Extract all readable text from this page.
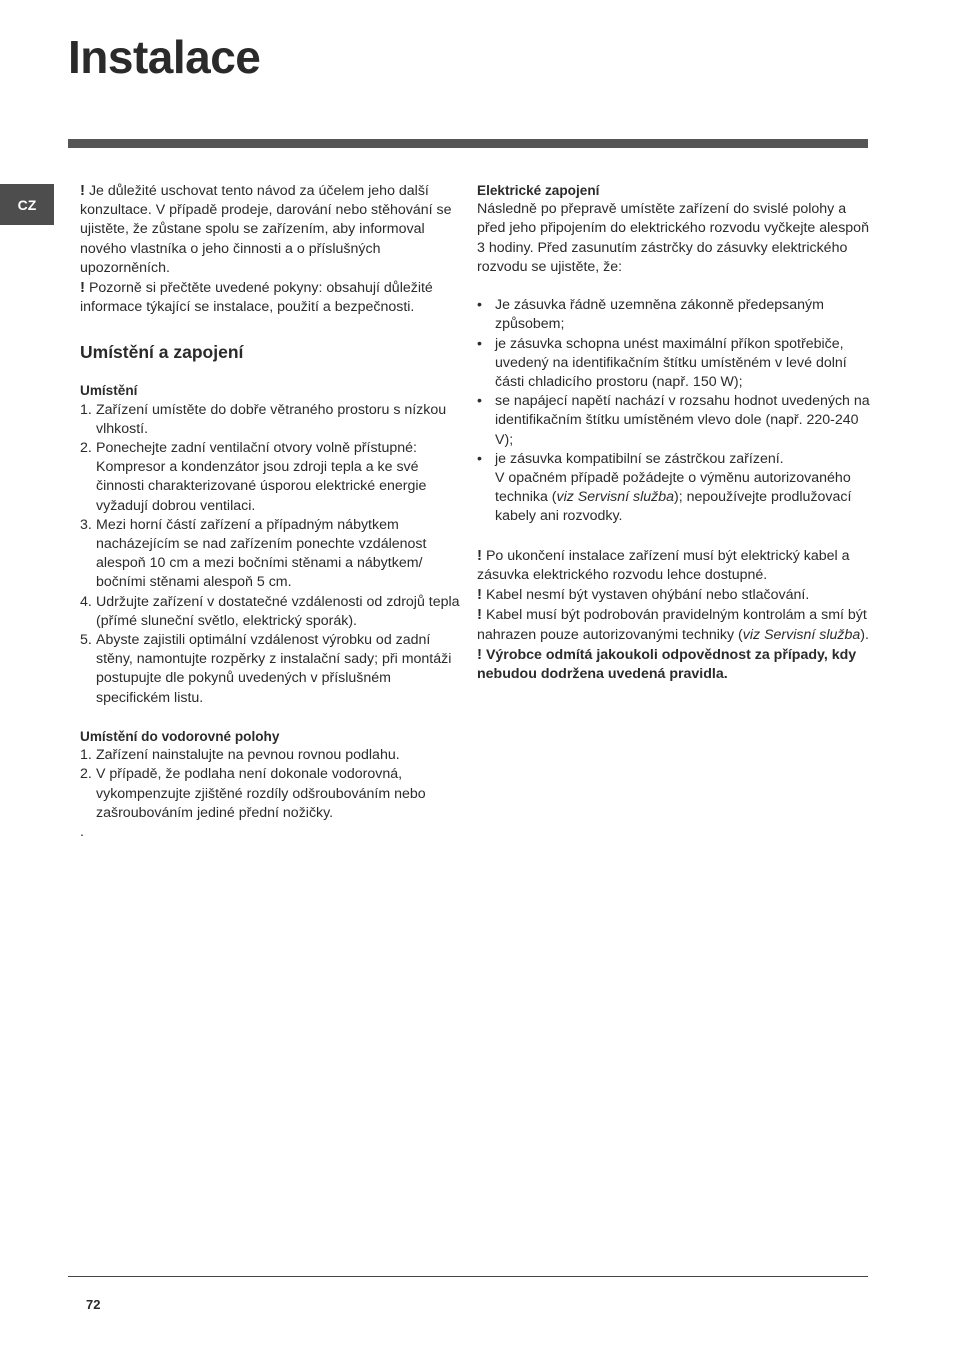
Instalace
CZ

! Je důležité uschovat tento návod za účelem jeho další konzultace. V případě prodeje, darování nebo stěhování se ujistěte, že zůstane spolu se zařízením, aby informoval nového vlastníka o jeho činnosti a o příslušných upozorněních.

! Pozorně si přečtěte uvedené pokyny: obsahují důležité informace týkající se instalace, použití a bezpečnosti.

Umístění a zapojení
Umístění
1. Zařízení umístěte do dobře větraného prostoru s nízkou vlhkostí.
2. Ponechejte zadní ventilační otvory volně přístupné: Kompresor a kondenzátor jsou zdroji tepla a ke své činnosti charakterizované úsporou elektrické energie vyžadují dobrou ventilaci.
3. Mezi horní částí zařízení a případným nábytkem nacházejícím se nad zařízením ponechte vzdálenost alespoň 10 cm a mezi bočními stěnami a nábytkem/ bočními stěnami alespoň 5 cm.
4. Udržujte zařízení v dostatečné vzdálenosti od zdrojů tepla (přímé sluneční světlo, elektrický sporák).
5. Abyste zajistili optimální vzdálenost výrobku od zadní stěny, namontujte rozpěrky z instalační sady; při montáži postupujte dle pokynů uvedených v příslušném specifickém listu.
Umístění do vodorovné polohy
1. Zařízení nainstalujte na pevnou rovnou podlahu.
2. V případě, že podlaha není dokonale vodorovná, vykompenzujte zjištěné rozdíly odšroubováním nebo zašroubováním jediné přední nožičky.

.

Elektrické zapojení

Následně po přepravě umístěte zařízení do svislé polohy a před jeho připojením do elektrického rozvodu vyčkejte alespoň 3 hodiny. Před zasunutím zástrčky do zásuvky elektrického rozvodu se ujistěte, že:

• Je zásuvka řádně uzemněna zákonně předepsaným způsobem;
• je zásuvka schopna unést maximální příkon spotřebiče, uvedený na identifikačním štítku umístěném v levé dolní části chladicího prostoru (např. 150 W);
• se napájecí napětí nachází v rozsahu hodnot uvedených na identifikačním štítku umístěném vlevo dole (např. 220-240 V);
• je zásuvka kompatibilní se zástrčkou zařízení.
V opačném případě požádejte o výměnu autorizovaného technika (viz Servisní služba); nepoužívejte prodlužovací kabely ani rozvodky.

! Po ukončení instalace zařízení musí být elektrický kabel a zásuvka elektrického rozvodu lehce dostupné.

! Kabel nesmí být vystaven ohýbání nebo stlačování.

! Kabel musí být podrobován pravidelným kontrolám a smí být nahrazen pouze autorizovanými techniky (viz Servisní služba).

! Výrobce odmítá jakoukoli odpovědnost za případy, kdy nebudou dodržena uvedená pravidla.

72
